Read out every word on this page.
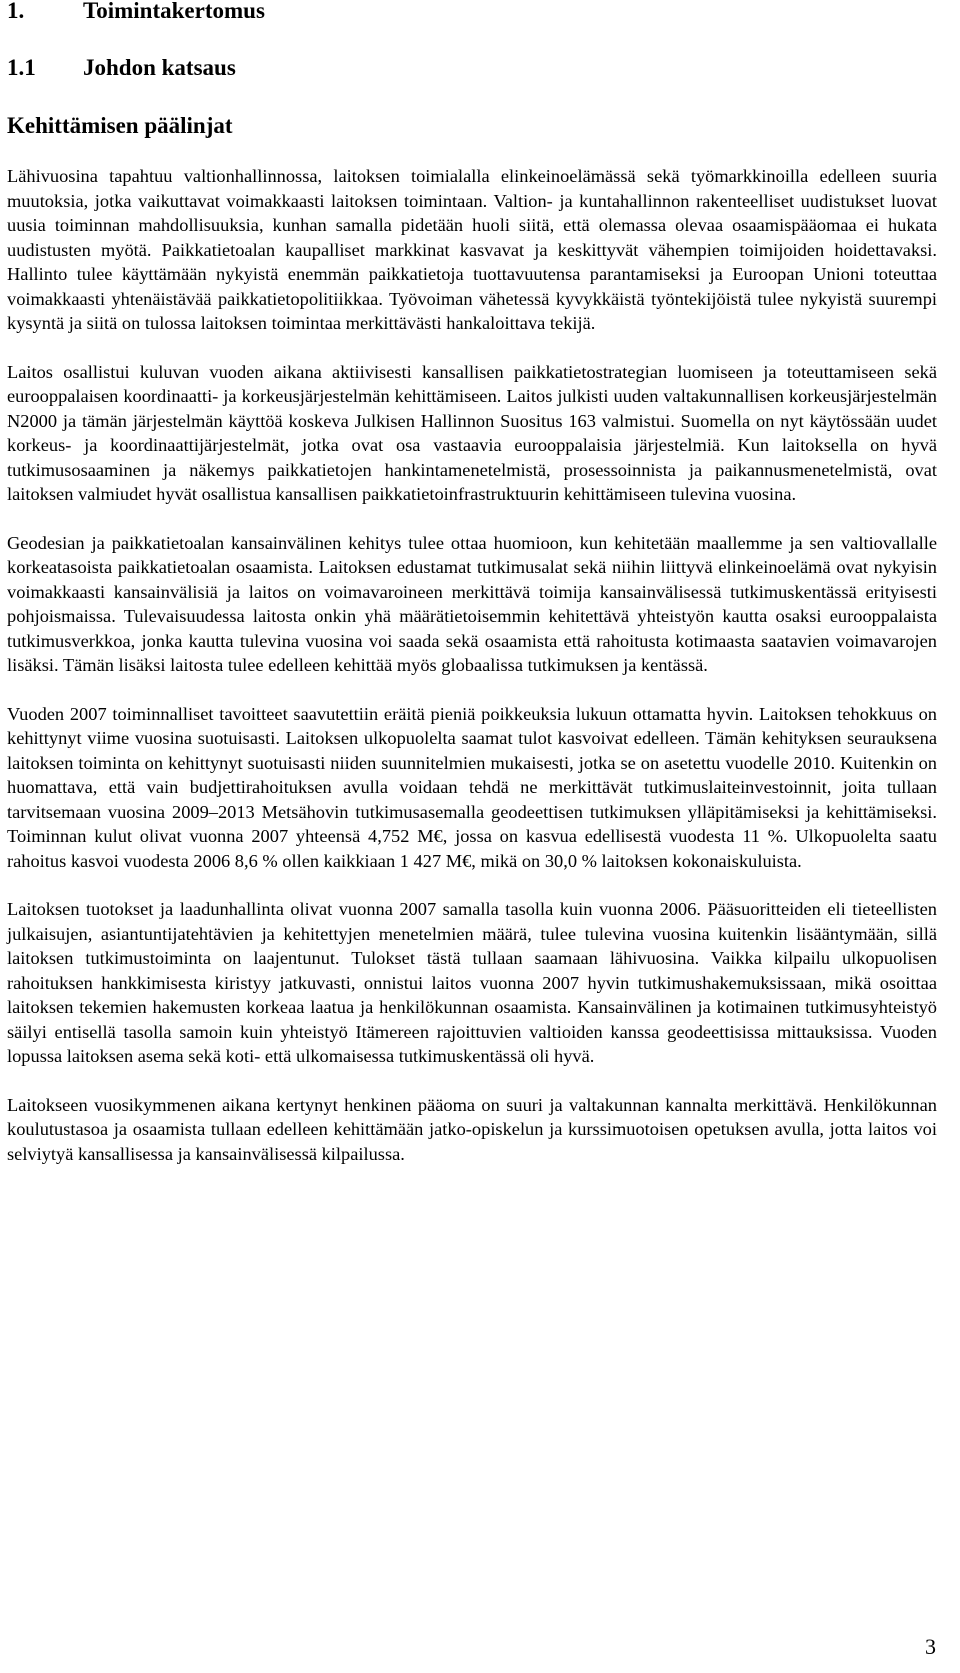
1.	Toimintakertomus
1.1 Johdon katsaus
Kehittämisen päälinjat

Lähivuosina tapahtuu valtionhallinnossa, laitoksen toimialalla elinkeinoelämässä sekä työmarkkinoilla edelleen suuria muutoksia, jotka vaikuttavat voimakkaasti laitoksen toimintaan. Valtion- ja kuntahallinnon rakenteelliset uudistukset luovat uusia toiminnan mahdollisuuksia, kunhan samalla pidetään huoli siitä, että olemassa olevaa osaamispääomaa ei hukata uudistusten myötä. Paikkatietoalan kaupalliset markkinat kasvavat ja keskittyvät vähempien toimijoiden hoidettavaksi. Hallinto tulee käyttämään nykyistä enemmän paikkatietoja tuottavuutensa parantamiseksi ja Euroopan Unioni toteuttaa voimakkaasti yhtenäistävää paikkatietopolitiikkaa. Työvoiman vähetessä kyvykkäistä työntekijöistä tulee nykyistä suurempi kysyntä ja siitä on tulossa laitoksen toimintaa merkittävästi hankaloittava tekijä.

Laitos osallistui kuluvan vuoden aikana aktiivisesti kansallisen paikkatietostrategian luomiseen ja toteuttamiseen sekä eurooppalaisen koordinaatti- ja korkeusjärjestelmän kehittämiseen. Laitos julkisti uuden valtakunnallisen korkeusjärjestelmän N2000 ja tämän järjestelmän käyttöä koskeva Julkisen Hallinnon Suositus 163 valmistui. Suomella on nyt käytössään uudet korkeus- ja koordinaattijärjestelmät, jotka ovat osa vastaavia eurooppalaisia järjestelmiä. Kun laitoksella on hyvä tutkimusosaaminen ja näkemys paikkatietojen hankintamenetelmistä, prosessoinnista ja paikannusmenetelmistä, ovat laitoksen valmiudet hyvät osallistua kansallisen paikkatietoinfrastruktuurin kehittämiseen tulevina vuosina.

Geodesian ja paikkatietoalan kansainvälinen kehitys tulee ottaa huomioon, kun kehitetään maallemme ja sen valtiovallalle korkeatasoista paikkatietoalan osaamista. Laitoksen edustamat tutkimusalat sekä niihin liittyvä elinkeinoelämä ovat nykyisin voimakkaasti kansainvälisiä ja laitos on voimavaroineen merkittävä toimija kansainvälisessä tutkimuskentässä erityisesti pohjoismaissa. Tulevaisuudessa laitosta onkin yhä määrätietoisemmin kehitettävä yhteistyön kautta osaksi eurooppalaista tutkimusverkkoa, jonka kautta tulevina vuosina voi saada sekä osaamista että rahoitusta kotimaasta saatavien voimavarojen lisäksi. Tämän lisäksi laitosta tulee edelleen kehittää myös globaalissa tutkimuksen ja kentässä.

Vuoden 2007 toiminnalliset tavoitteet saavutettiin eräitä pieniä poikkeuksia lukuun ottamatta hyvin. Laitoksen tehokkuus on kehittynyt viime vuosina suotuisasti. Laitoksen ulkopuolelta saamat tulot kasvoivat edelleen. Tämän kehityksen seurauksena laitoksen toiminta on kehittynyt suotuisasti niiden suunnitelmien mukaisesti, jotka se on asetettu vuodelle 2010. Kuitenkin on huomattava, että vain budjettirahoituksen avulla voidaan tehdä ne merkittävät tutkimuslaiteinvestoinnit, joita tullaan tarvitsemaan vuosina 2009–2013 Metsähovin tutkimusasemalla geodeettisen tutkimuksen ylläpitämiseksi ja kehittämiseksi. Toiminnan kulut olivat vuonna 2007 yhteensä 4,752 M€, jossa on kasvua edellisestä vuodesta 11 %. Ulkopuolelta saatu rahoitus kasvoi vuodesta 2006 8,6 % ollen kaikkiaan 1 427 M€, mikä on 30,0 % laitoksen kokonaiskuluista.

Laitoksen tuotokset ja laadunhallinta olivat vuonna 2007 samalla tasolla kuin vuonna 2006. Pääsuoritteiden eli tieteellisten julkaisujen, asiantuntijatehtävien ja kehitettyjen menetelmien määrä, tulee tulevina vuosina kuitenkin lisääntymään, sillä laitoksen tutkimustoiminta on laajentunut. Tulokset tästä tullaan saamaan lähivuosina. Vaikka kilpailu ulkopuolisen rahoituksen hankkimisesta kiristyy jatkuvasti, onnistui laitos vuonna 2007 hyvin tutkimushakemuksissaan, mikä osoittaa laitoksen tekemien hakemusten korkeaa laatua ja henkilökunnan osaamista. Kansainvälinen ja kotimainen tutkimusyhteistyö säilyi entisellä tasolla samoin kuin yhteistyö Itämereen rajoittuvien valtioiden kanssa geodeettisissa mittauksissa. Vuoden lopussa laitoksen asema sekä koti- että ulkomaisessa tutkimuskentässä oli hyvä.

Laitokseen vuosikymmenen aikana kertynyt henkinen pääoma on suuri ja valtakunnan kannalta merkittävä. Henkilökunnan koulutustasoa ja osaamista tullaan edelleen kehittämään jatko-opiskelun ja kurssimuotoisen opetuksen avulla, jotta laitos voi selviytyä kansallisessa ja kansainvälisessä kilpailussa.

3
